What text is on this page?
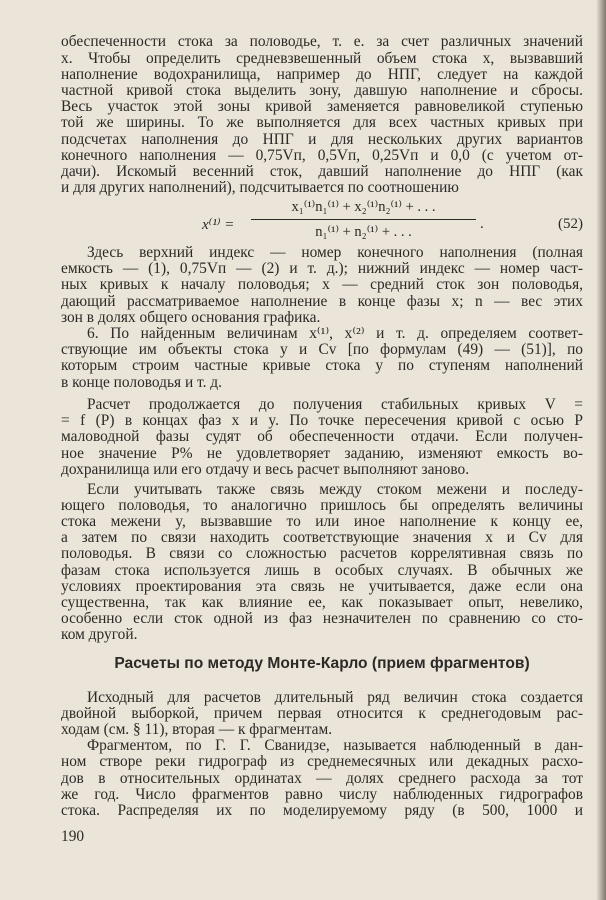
обеспеченности стока за половодье, т. е. за счет различных значений
x. Чтобы определить средневзвешенный объем стока x, вызвавший
наполнение водохранилища, например до НПГ, следует на каждой
частной кривой стока выделить зону, давшую наполнение и сбросы.
Весь участок этой зоны кривой заменяется равновеликой ступенью
той же ширины. То же выполняется для всех частных кривых при
подсчетах наполнения до НПГ и для нескольких других вариантов
конечного наполнения — 0,75Vп, 0,5Vп, 0,25Vп и 0,0 (с учетом от-
дачи). Искомый весенний сток, давший наполнение до НПГ (как
и для других наполнений), подсчитывается по соотношению
x⁽¹⁾ =
x₁⁽¹⁾n₁⁽¹⁾ + x₂⁽¹⁾n₂⁽¹⁾ + . . .
n₁⁽¹⁾ + n₂⁽¹⁾ + . . .	.	(52)
Здесь верхний индекс — номер конечного наполнения (полная
емкость — (1), 0,75Vп — (2) и т. д.); нижний индекс — номер част-
ных кривых к началу половодья; x — средний сток зон половодья,
дающий рассматриваемое наполнение в конце фазы x; n — вес этих
зон в долях общего основания графика.
6. По найденным величинам x⁽¹⁾, x⁽²⁾ и т. д. определяем соответ-
ствующие им объекты стока y и Cv [по формулам (49) — (51)], по
которым строим частные кривые стока y по ступеням наполнений
в конце половодья и т. д.
Расчет продолжается до получения стабильных кривых V =
= f (P) в концах фаз x и y. По точке пересечения кривой с осью P
маловодной фазы судят об обеспеченности отдачи. Если получен-
ное значение P% не удовлетворяет заданию, изменяют емкость во-
дохранилища или его отдачу и весь расчет выполняют заново.
Если учитывать также связь между стоком межени и последу-
ющего половодья, то аналогично пришлось бы определять величины
стока межени y, вызвавшие то или иное наполнение к концу ее,
а затем по связи находить соответствующие значения x и Cv для
половодья. В связи со сложностью расчетов коррелятивная связь по
фазам стока используется лишь в особых случаях. В обычных же
условиях проектирования эта связь не учитывается, даже если она
существенна, так как влияние ее, как показывает опыт, невелико,
особенно если сток одной из фаз незначителен по сравнению со сто-
ком другой.
Расчеты по методу Монте-Карло (прием фрагментов)
Исходный для расчетов длительный ряд величин стока создается
двойной выборкой, причем первая относится к среднегодовым рас-
ходам (см. § 11), вторая — к фрагментам.
Фрагментом, по Г. Г. Сванидзе, называется наблюденный в дан-
ном створе реки гидрограф из среднемесячных или декадных расхо-
дов в относительных ординатах — долях среднего расхода за тот
же год. Число фрагментов равно числу наблюденных гидрографов
стока. Распределяя их по моделируемому ряду (в 500, 1000 и
190
